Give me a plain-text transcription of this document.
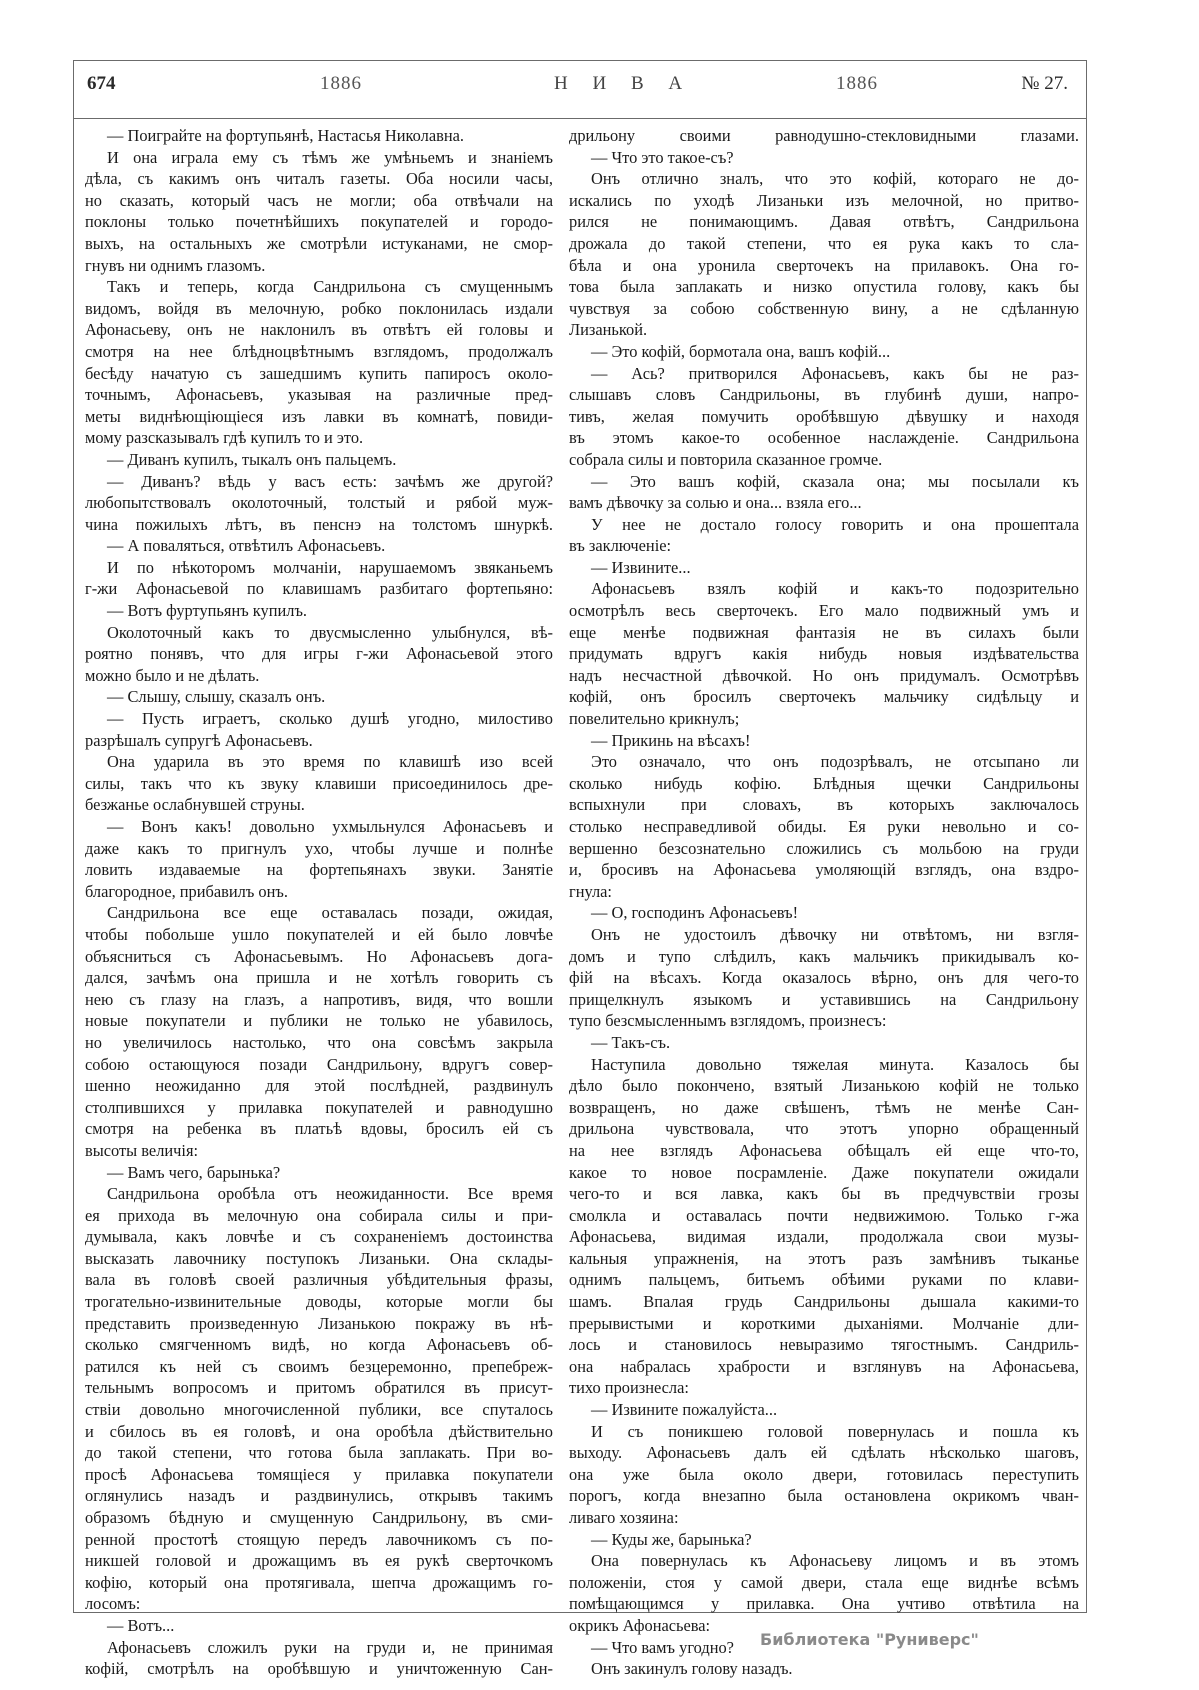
674	1886	Н И В А	1886	№ 27.
— Поиграйте на фортупьянѣ, Настасья Николавна.
И она играла ему съ тѣмъ же умѣньемъ и знаніемъ
дѣла, съ какимъ онъ читалъ газеты. Оба носили часы,
но сказать, который часъ не могли; оба отвѣчали на
поклоны только почетнѣйшихъ покупателей и городо-
выхъ, на остальныхъ же смотрѣли истуканами, не смор-
гнувъ ни однимъ глазомъ.
Такъ и теперь, когда Сандрильона съ смущеннымъ
видомъ, войдя въ мелочную, робко поклонилась издали
Афонасьеву, онъ не наклонилъ въ отвѣтъ ей головы и
смотря на нее блѣдноцвѣтнымъ взглядомъ, продолжалъ
бесѣду начатую съ зашедшимъ купить папиросъ около-
точнымъ, Афонасьевъ, указывая на различные пред-
меты виднѣющіющіеся изъ лавки въ комнатѣ, повиди-
мому разсказывалъ гдѣ купилъ то и это.
— Диванъ купилъ, тыкалъ онъ пальцемъ.
— Диванъ? вѣдь у васъ есть: зачѣмъ же другой?
любопытствовалъ околоточный, толстый и рябой муж-
чина пожилыхъ лѣтъ, въ пенснэ на толстомъ шнуркѣ.
— А поваляться, отвѣтилъ Афонасьевъ.
И по нѣкоторомъ молчаніи, нарушаемомъ звяканьемъ
г-жи Афонасьевой по клавишамъ разбитаго фортепьяно:
— Вотъ фуртупьянъ купилъ.
Околоточный какъ то двусмысленно улыбнулся, вѣ-
роятно понявъ, что для игры г-жи Афонасьевой этого
можно было и не дѣлать.
— Слышу, слышу, сказалъ онъ.
— Пусть играетъ, сколько душѣ угодно, милостиво
разрѣшалъ супругѣ Афонасьевъ.
Она ударила въ это время по клавишѣ изо всей
силы, такъ что къ звуку клавиши присоединилось дре-
безжанье ослабнувшей струны.
— Вонъ какъ! довольно ухмыльнулся Афонасьевъ и
даже какъ то пригнулъ ухо, чтобы лучше и полнѣе
ловить издаваемые на фортепьянахъ звуки. Занятіе
благородное, прибавилъ онъ.
Сандрильона все еще оставалась позади, ожидая,
чтобы побольше ушло покупателей и ей было ловчѣе
объясниться съ Афонасьевымъ. Но Афонасьевъ дога-
дался, зачѣмъ она пришла и не хотѣлъ говорить съ
нею съ глазу на глазъ, а напротивъ, видя, что вошли
новые покупатели и публики не только не убавилось,
но увеличилось настолько, что она совсѣмъ закрыла
собою остающуюся позади Сандрильону, вдругъ совер-
шенно неожиданно для этой послѣдней, раздвинулъ
столпившихся у прилавка покупателей и равнодушно
смотря на ребенка въ платьѣ вдовы, бросилъ ей съ
высоты величія:
— Вамъ чего, барынька?
Сандрильона оробѣла отъ неожиданности. Все время
ея прихода въ мелочную она собирала силы и при-
думывала, какъ ловчѣе и съ сохраненіемъ достоинства
высказать лавочнику поступокъ Лизаньки. Она склады-
вала въ головѣ своей различныя убѣдительныя фразы,
трогательно-извинительные доводы, которые могли бы
представить произведенную Лизанькою покражу въ нѣ-
сколько смягченномъ видѣ, но когда Афонасьевъ об-
ратился къ ней съ своимъ безцеремонно, препебреж-
тельнымъ вопросомъ и притомъ обратился въ присут-
ствіи довольно многочисленной публики, все спуталось
и сбилось въ ея головѣ, и она оробѣла дѣйствительно
до такой степени, что готова была заплакать. При во-
просѣ Афонасьева томящіеся у прилавка покупатели
оглянулись назадъ и раздвинулись, открывъ такимъ
образомъ бѣдную и смущенную Сандрильону, въ сми-
ренной простотѣ стоящую передъ лавочникомъ съ по-
никшей головой и дрожащимъ въ ея рукѣ сверточкомъ
кофію, который она протягивала, шепча дрожащимъ го-
лосомъ:
— Вотъ...
Афонасьевъ сложилъ руки на груди и, не принимая
кофій, смотрѣлъ на оробѣвшую и уничтоженную Сан-
дрильону своими равнодушно-стекловидными глазами.
— Что это такое-съ?
Онъ отлично зналъ, что это кофій, котораго не до-
искались по уходѣ Лизаньки изъ мелочной, но притво-
рился не понимающимъ. Давая отвѣтъ, Сандрильона
дрожала до такой степени, что ея рука какъ то сла-
бѣла и она уронила сверточекъ на прилавокъ. Она го-
това была заплакать и низко опустила голову, какъ бы
чувствуя за собою собственную вину, а не сдѣланную
Лизанькой.
— Это кофій, бормотала она, вашъ кофій...
— Ась? притворился Афонасьевъ, какъ бы не раз-
слышавъ словъ Сандрильоны, въ глубинѣ души, напро-
тивъ, желая помучить оробѣвшую дѣвушку и находя
въ этомъ какое-то особенное наслажденіе. Сандрильона
собрала силы и повторила сказанное громче.
— Это вашъ кофій, сказала она; мы посылали къ
вамъ дѣвочку за солью и она... взяла его...
У нее не достало голосу говорить и она прошептала
въ заключеніе:
— Извините...
Афонасьевъ взялъ кофій и какъ-то подозрительно
осмотрѣлъ весь сверточекъ. Его мало подвижный умъ и
еще менѣе подвижная фантазія не въ силахъ были
придумать вдругъ какія нибудь новыя издѣвательства
надъ несчастной дѣвочкой. Но онъ придумалъ. Осмотрѣвъ
кофій, онъ бросилъ сверточекъ мальчику сидѣльцу и
повелительно крикнулъ;
— Прикинь на вѣсахъ!
Это означало, что онъ подозрѣвалъ, не отсыпано ли
сколько нибудь кофію. Блѣдныя щечки Сандрильоны
вспыхнули при словахъ, въ которыхъ заключалось
столько несправедливой обиды. Ея руки невольно и со-
вершенно безсознательно сложились съ мольбою на груди
и, бросивъ на Афонасьева умоляющій взглядъ, она вздро-
гнула:
— О, господинъ Афонасьевъ!
Онъ не удостоилъ дѣвочку ни отвѣтомъ, ни взгля-
домъ и тупо слѣдилъ, какъ мальчикъ прикидывалъ ко-
фій на вѣсахъ. Когда оказалось вѣрно, онъ для чего-то
прищелкнулъ языкомъ и уставившись на Сандрильону
тупо безсмысленнымъ взглядомъ, произнесъ:
— Такъ-съ.
Наступила довольно тяжелая минута. Казалось бы
дѣло было покончено, взятый Лизанькою кофій не только
возвращенъ, но даже свѣшенъ, тѣмъ не менѣе Сан-
дрильона чувствовала, что этотъ упорно обращенный
на нее взглядъ Афонасьева обѣщалъ ей еще что-то,
какое то новое посрамленіе. Даже покупатели ожидали
чего-то и вся лавка, какъ бы въ предчувствіи грозы
смолкла и оставалась почти недвижимою. Только г-жа
Афонасьева, видимая издали, продолжала свои музы-
кальныя упражненія, на этотъ разъ замѣнивъ тыканье
однимъ пальцемъ, битьемъ обѣими руками по клави-
шамъ. Впалая грудь Сандрильоны дышала какими-то
прерывистыми и короткими дыханіями. Молчаніе дли-
лось и становилось невыразимо тягостнымъ. Сандриль-
она набралась храбрости и взглянувъ на Афонасьева,
тихо произнесла:
— Извините пожалуйста...
И съ поникшею головой повернулась и пошла къ
выходу. Афонасьевъ далъ ей сдѣлать нѣсколько шаговъ,
она уже была около двери, готовилась переступить
порогъ, когда внезапно была остановлена окрикомъ чван-
ливаго хозяина:
— Куды же, барынька?
Она повернулась къ Афонасьеву лицомъ и въ этомъ
положеніи, стоя у самой двери, стала еще виднѣе всѣмъ
помѣщающимся у прилавка. Она учтиво отвѣтила на
окрикъ Афонасьева:
— Что вамъ угодно?
Онъ закинулъ голову назадъ.
Библиотека "Руниверс"
